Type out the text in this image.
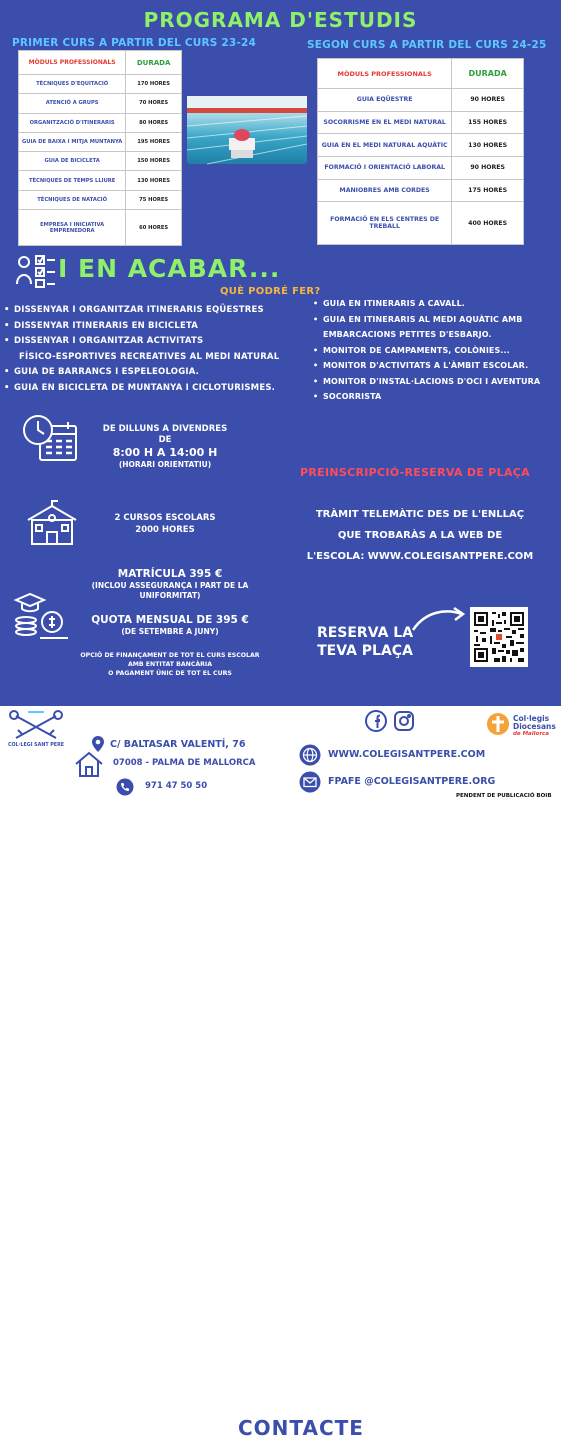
PROGRAMA D'ESTUDIS
PRIMER CURS A PARTIR DEL CURS 23-24	SEGON CURS A PARTIR DEL CURS 24-25
MÒDULS PROFESSIONALS	DURADA
TÈCNIQUES D'EQUITACIÓ	170 HORES
ATENCIÓ A GRUPS	70 HORES
ORGANITZACIÓ D'ITINERARIS	80 HORES
GUIA DE BAIXA I MITJA MUNTANYA	195 HORES
GUIA DE BICICLETA	150 HORES
TÈCNIQUES DE TEMPS LLIURE	130 HORES
TÈCNIQUES DE NATACIÓ	75 HORES
EMPRESA I INICIATIVA EMPRENEDORA	60 HORES
MÒDULS PROFESSIONALS	DURADA
GUIA EQÜESTRE	90 HORES
SOCORRISME EN EL MEDI NATURAL	155 HORES
GUIA EN EL MEDI NATURAL AQUÀTIC	130 HORES
FORMACIÓ I ORIENTACIÓ LABORAL	90 HORES
MANIOBRES AMB CORDES	175 HORES
FORMACIÓ EN ELS CENTRES DE TREBALL	400 HORES
I EN ACABAR...
QUÈ PODRÉ FER?
• DISSENYAR I ORGANITZAR ITINERARIS EQÜESTRES
• DISSENYAR ITINERARIS EN BICICLETA
• DISSENYAR I ORGANITZAR ACTIVITATS
FÍSICO-ESPORTIVES RECREATIVES AL MEDI NATURAL
• GUIA DE BARRANCS I ESPELEOLOGIA.
• GUIA EN BICICLETA DE MUNTANYA I CICLOTURISMES.
• GUIA EN ITINERARIS A CAVALL.
• GUIA EN ITINERARIS AL MEDI AQUÀTIC AMB EMBARCACIONS PETITES D'ESBARJO.
• MONITOR DE CAMPAMENTS, COLÒNIES...
• MONITOR D'ACTIVITATS A L'ÀMBIT ESCOLAR.
• MONITOR D'INSTAL·LACIONS D'OCI I AVENTURA
• SOCORRISTA
DE DILLUNS A DIVENDRES
DE
8:00 H A 14:00 H
(HORARI ORIENTATIU)
2 CURSOS ESCOLARS
2000 HORES
MATRÍCULA 395 €
(INCLOU ASSEGURANÇA I PART DE LA
UNIFORMITAT)
QUOTA MENSUAL DE 395 €
(DE SETEMBRE A JUNY)
OPCIÓ DE FINANÇAMENT DE TOT EL CURS ESCOLAR
AMB ENTITAT BANCÀRIA
O PAGAMENT ÚNIC DE TOT EL CURS
PREINSCRIPCIÓ-RESERVA DE PLAÇA
TRÀMIT TELEMÀTIC DES DE L'ENLLAÇ
QUE TROBARÀS A LA WEB DE
L'ESCOLA: WWW.COLEGISANTPERE.COM
RESERVA LA
TEVA PLAÇA
COL·LEGI SANT PERE
CONTACTE
Col·legis
Diocesans
de Mallorca
C/ BALTASAR VALENTÍ, 76
07008 - PALMA DE MALLORCA
971 47 50 50
WWW.COLEGISANTPERE.COM
FPAFE @COLEGISANTPERE.ORG
PENDENT DE PUBLICACIÓ BOIB
